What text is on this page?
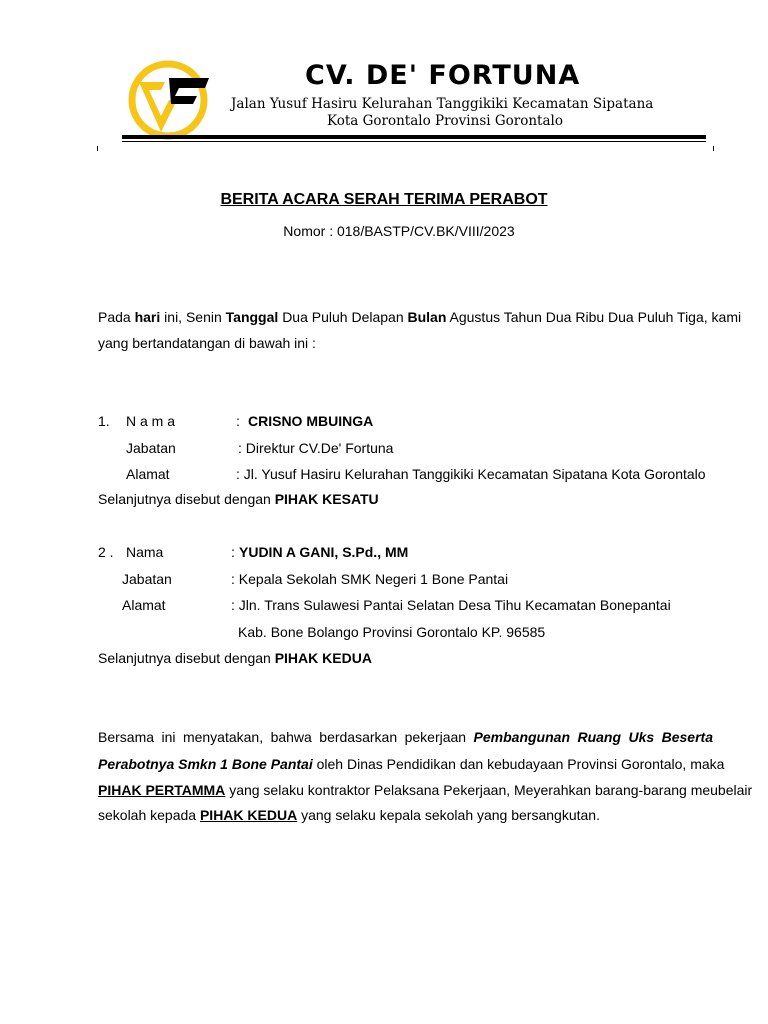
CV. DE' FORTUNA
Jalan Yusuf Hasiru Kelurahan Tanggikiki Kecamatan Sipatana
Kota Gorontalo Provinsi Gorontalo
BERITA ACARA SERAH TERIMA PERABOT
Nomor : 018/BASTP/CV.BK/VIII/2023
Pada hari ini, Senin Tanggal Dua Puluh Delapan Bulan Agustus Tahun Dua Ribu Dua Puluh Tiga, kami
yang bertandatangan di bawah ini :
1. N a m a	: CRISNO MBUINGA
Jabatan	: Direktur CV.De' Fortuna
Alamat	: Jl. Yusuf Hasiru Kelurahan Tanggikiki Kecamatan Sipatana Kota Gorontalo
Selanjutnya disebut dengan PIHAK KESATU
2 . Nama	: YUDIN A GANI, S.Pd., MM
Jabatan	: Kepala Sekolah SMK Negeri 1 Bone Pantai
Alamat	: Jln. Trans Sulawesi Pantai Selatan Desa Tihu Kecamatan Bonepantai
Kab. Bone Bolango Provinsi Gorontalo KP. 96585
Selanjutnya disebut dengan PIHAK KEDUA
Bersama ini menyatakan, bahwa berdasarkan pekerjaan Pembangunan Ruang Uks Beserta
Perabotnya Smkn 1 Bone Pantai oleh Dinas Pendidikan dan kebudayaan Provinsi Gorontalo, maka
PIHAK PERTAMMA yang selaku kontraktor Pelaksana Pekerjaan, Meyerahkan barang-barang meubelair
sekolah kepada PIHAK KEDUA yang selaku kepala sekolah yang bersangkutan.
